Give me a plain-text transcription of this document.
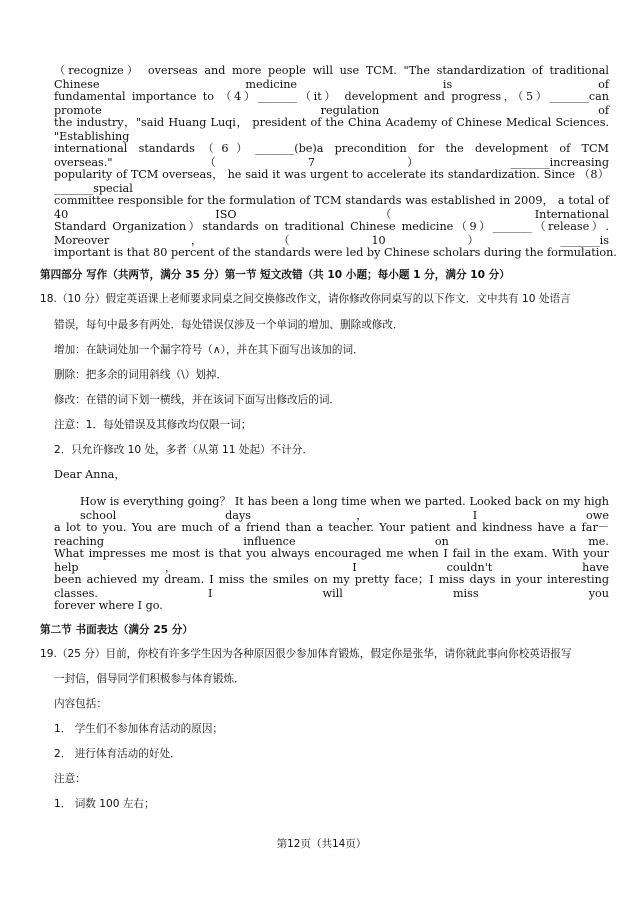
（recognize） overseas and more people will use TCM. "The standardization of traditional Chinese medicine is of
fundamental importance to （4）_______（it） development and progress，（5）_______can promote regulation of
the industry，"said Huang Luqi， president of the China Academy of Chinese Medical Sciences. "Establishing
international standards（6）_______(be)a precondition for the development of TCM overseas."（7）_______increasing
popularity of TCM overseas， he said it was urgent to accelerate its standardization. Since （8）_______special
committee responsible for the formulation of TCM standards was established in 2009， a total of 40 ISO（International
Standard Organization）standards on traditional Chinese medicine（9）_______（release）. Moreover，（10）_______is
important is that 80 percent of the standards were led by Chinese scholars during the formulation.
第四部分 写作（共两节，满分 35 分）第一节 短文改错（共 10 小题；每小题 1 分，满分 10 分）
18.（10 分）假定英语课上老师要求同桌之间交换修改作文，请你修改你同桌写的以下作文．文中共有 10 处语言
错误，每句中最多有两处．每处错误仅涉及一个单词的增加、删除或修改．
增加：在缺词处加一个漏字符号（∧），并在其下面写出该加的词．
删除：把多余的词用斜线（\）划掉．
修改：在错的词下划一横线，并在该词下面写出修改后的词．
注意：1．每处错误及其修改均仅限一词；
2．只允许修改 10 处，多者（从第 11 处起）不计分．
Dear Anna，
How is everything going？ It has been a long time when we parted. Looked back on my high school days，I owe
a lot to you. You are much of a friend than a teacher. Your patient and kindness have a far－reaching influence on me.
What impresses me most is that you always encouraged me when I fail in the exam. With your help， I couldn't have
been achieved my dream. I miss the smiles on my pretty face；I miss days in your interesting classes. I will miss you
forever where I go.
第二节 书面表达（满分 25 分）
19.（25 分）目前，你校有许多学生因为各种原因很少参加体育锻炼，假定你是张华，请你就此事向你校英语报写
一封信，倡导同学们积极参与体育锻炼．
内容包括：
1． 学生们不参加体育活动的原因；
2． 进行体育活动的好处．
注意：
1． 词数 100 左右；
第12页（共14页）
